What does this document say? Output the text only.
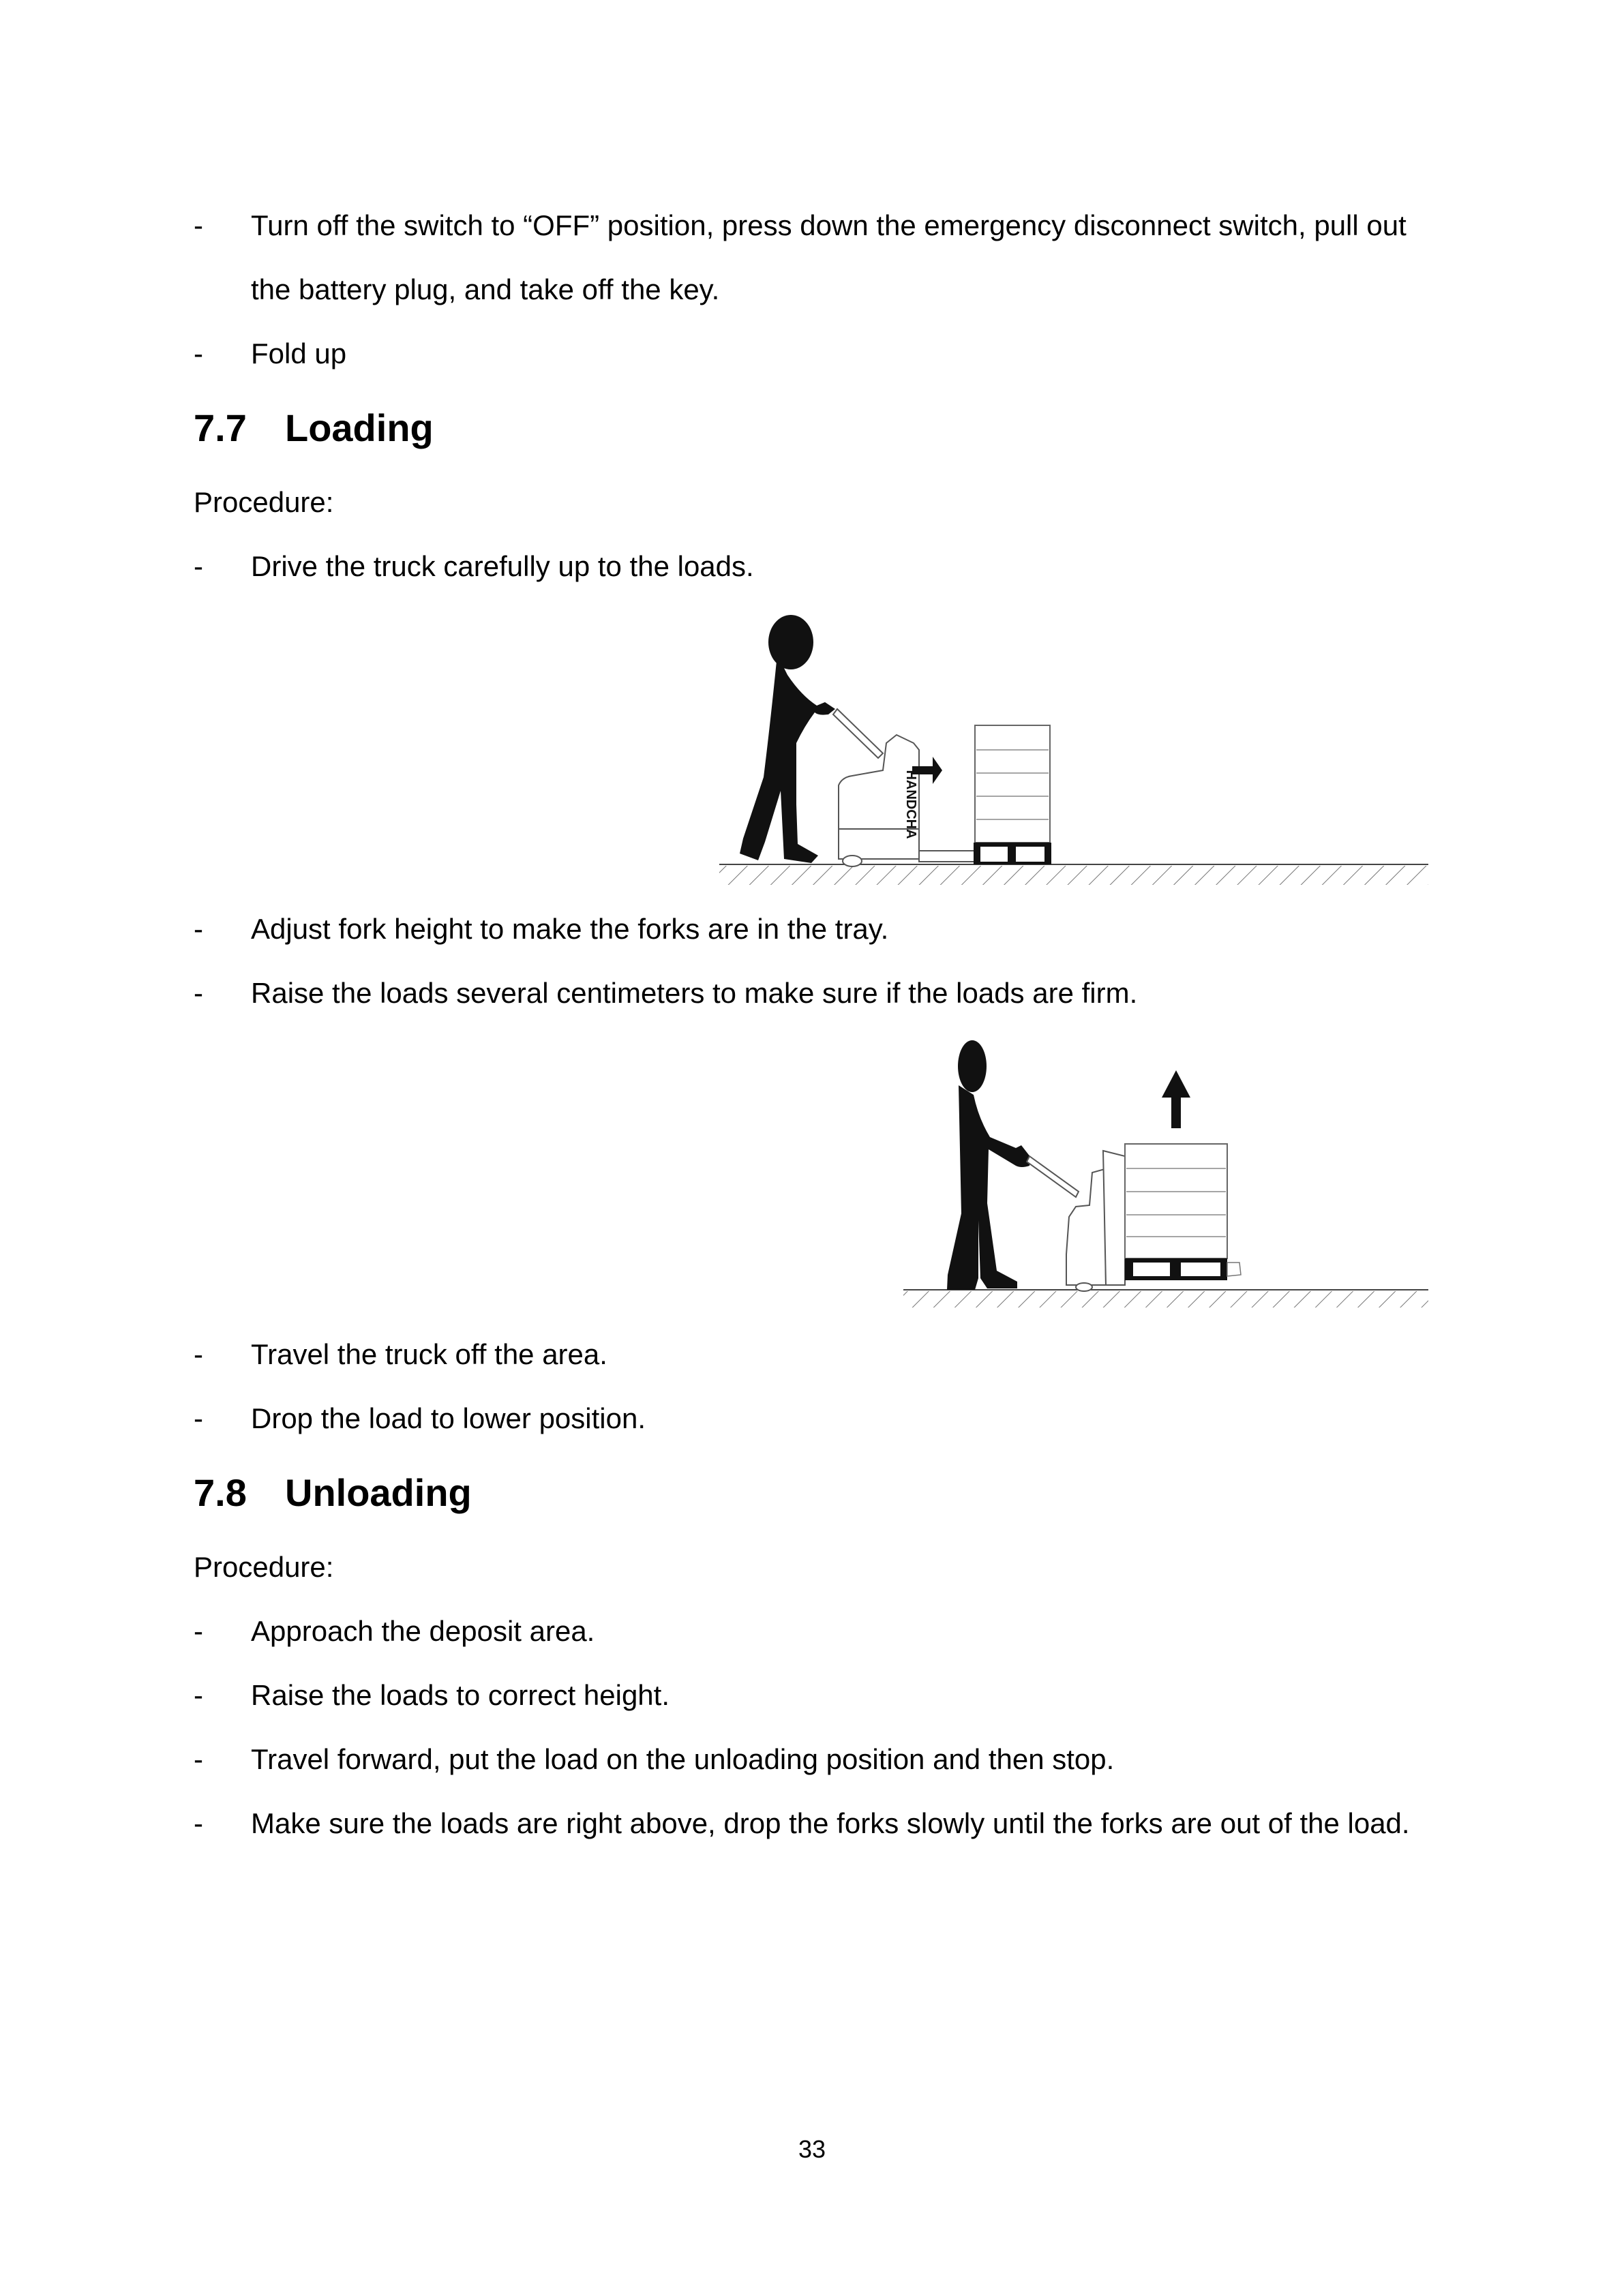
- Turn off the switch to “OFF” position, press down the emergency disconnect switch, pull out
the battery plug, and take off the key.
- Fold up
7.7 Loading
Procedure:
- Drive the truck carefully up to the loads.
HANDCHA
- Adjust fork height to make the forks are in the tray.
- Raise the loads several centimeters to make sure if the loads are firm.
- Travel the truck off the area.
- Drop the load to lower position.
7.8 Unloading
Procedure:
- Approach the deposit area.
- Raise the loads to correct height.
- Travel forward, put the load on the unloading position and then stop.
- Make sure the loads are right above, drop the forks slowly until the forks are out of the load.
33
